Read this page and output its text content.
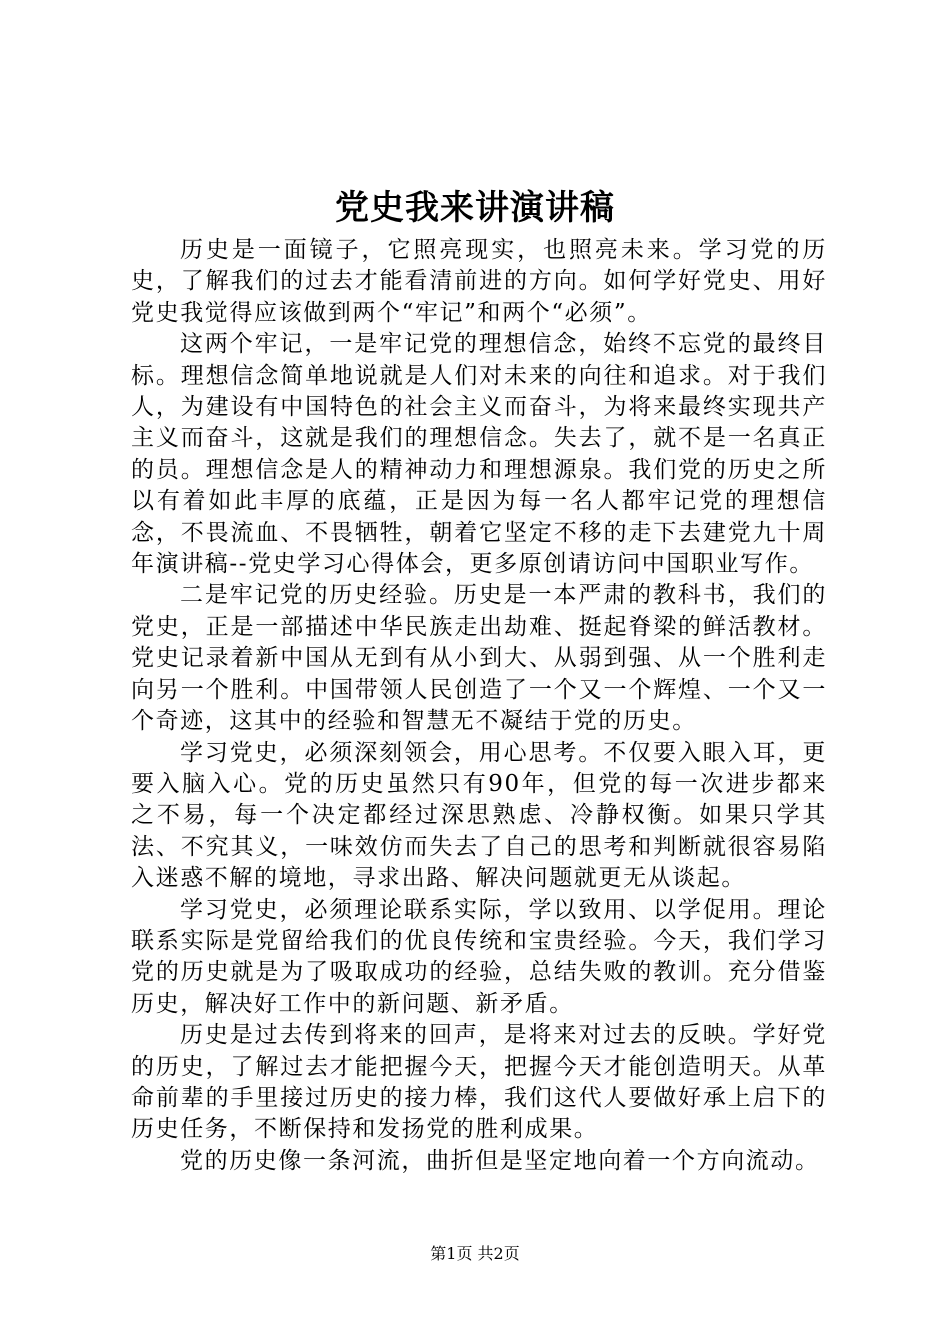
党史我来讲演讲稿

历史是一面镜子，它照亮现实，也照亮未来。学习党的历史，了解我们的过去才能看清前进的方向。如何学好党史、用好党史我觉得应该做到两个“牢记”和两个“必须”。

这两个牢记，一是牢记党的理想信念，始终不忘党的最终目标。理想信念简单地说就是人们对未来的向往和追求。对于我们人，为建设有中国特色的社会主义而奋斗，为将来最终实现共产主义而奋斗，这就是我们的理想信念。失去了，就不是一名真正的员。理想信念是人的精神动力和理想源泉。我们党的历史之所以有着如此丰厚的底蕴，正是因为每一名人都牢记党的理想信念，不畏流血、不畏牺牲，朝着它坚定不移的走下去建党九十周年演讲稿--党史学习心得体会，更多原创请访问中国职业写作。

二是牢记党的历史经验。历史是一本严肃的教科书，我们的党史，正是一部描述中华民族走出劫难、挺起脊梁的鲜活教材。党史记录着新中国从无到有从小到大、从弱到强、从一个胜利走向另一个胜利。中国带领人民创造了一个又一个辉煌、一个又一个奇迹，这其中的经验和智慧无不凝结于党的历史。

学习党史，必须深刻领会，用心思考。不仅要入眼入耳，更要入脑入心。党的历史虽然只有90年，但党的每一次进步都来之不易，每一个决定都经过深思熟虑、冷静权衡。如果只学其法、不究其义，一味效仿而失去了自己的思考和判断就很容易陷入迷惑不解的境地，寻求出路、解决问题就更无从谈起。

学习党史，必须理论联系实际，学以致用、以学促用。理论联系实际是党留给我们的优良传统和宝贵经验。今天，我们学习党的历史就是为了吸取成功的经验，总结失败的教训。充分借鉴历史，解决好工作中的新问题、新矛盾。

历史是过去传到将来的回声，是将来对过去的反映。学好党的历史，了解过去才能把握今天，把握今天才能创造明天。从革命前辈的手里接过历史的接力棒，我们这代人要做好承上启下的历史任务，不断保持和发扬党的胜利成果。

党的历史像一条河流，曲折但是坚定地向着一个方向流动。

第1页 共2页
